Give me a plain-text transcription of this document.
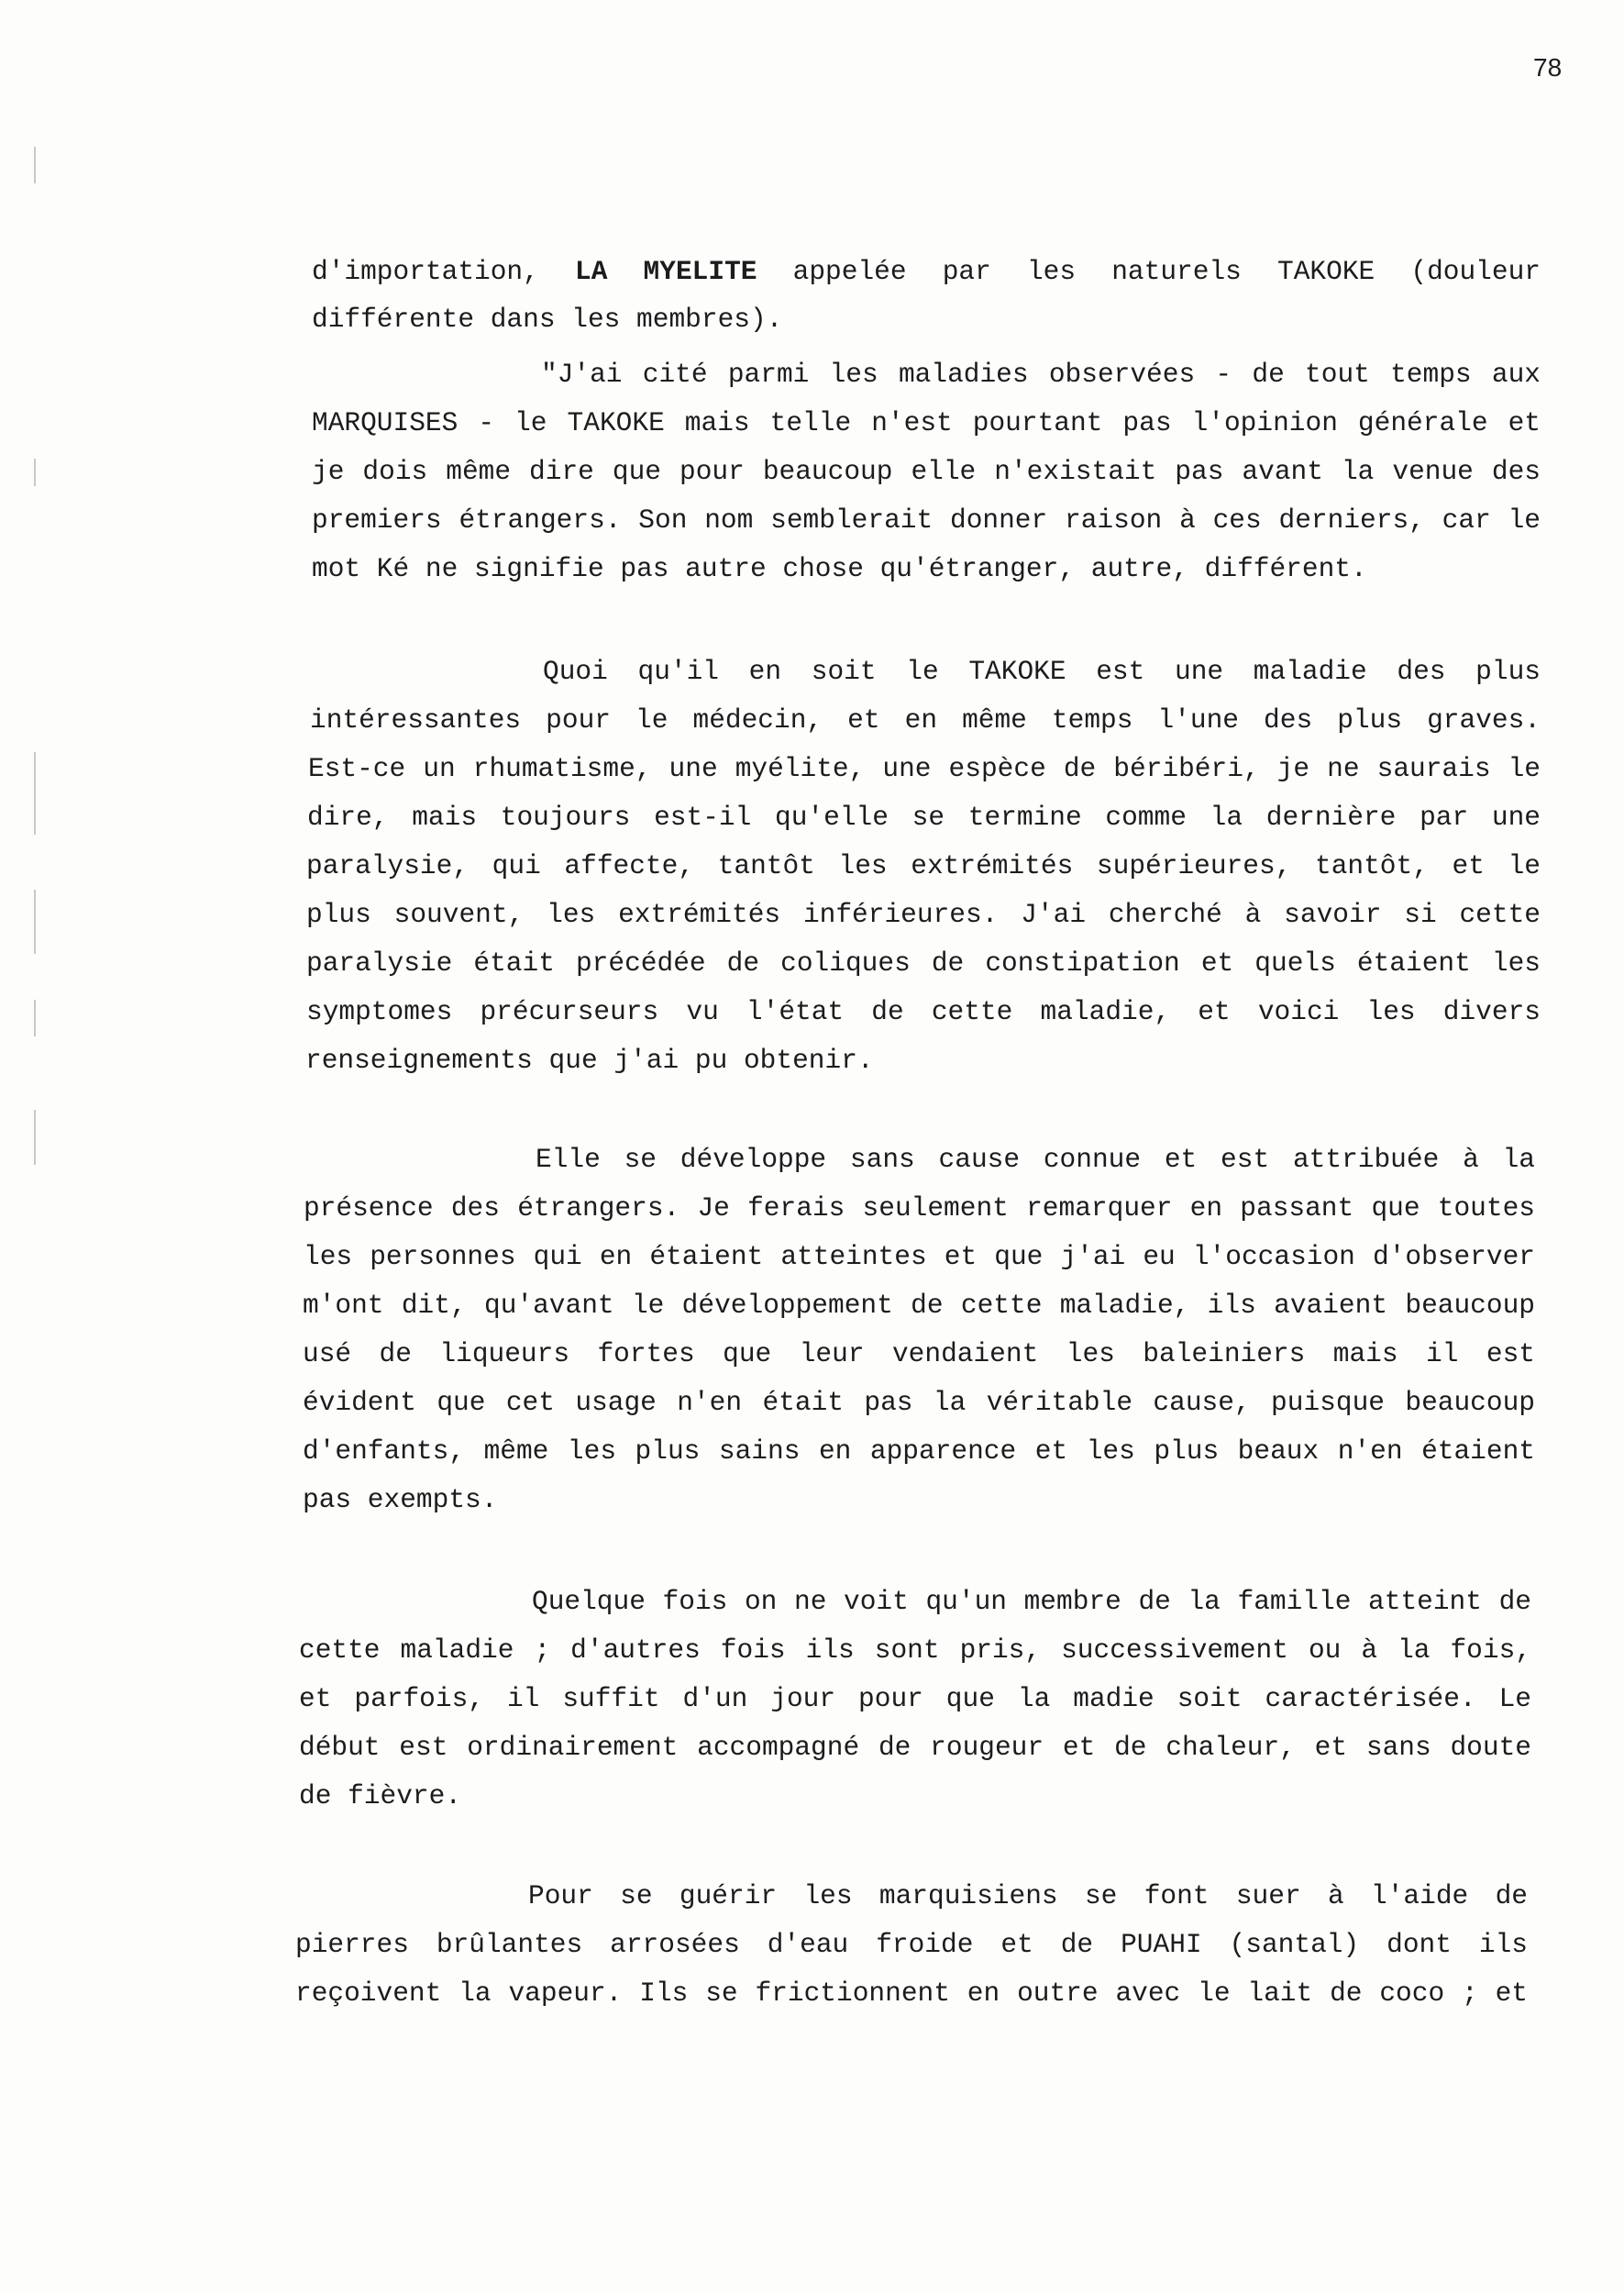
78
d'importation, LA MYELITE appelée par les naturels TAKOKE (douleur
différente dans les membres).
"J'ai cité parmi les maladies observées - de tout temps aux
MARQUISES - le TAKOKE mais telle n'est pourtant pas l'opinion générale et
je dois même dire que pour beaucoup elle n'existait pas avant la venue des
premiers étrangers. Son nom semblerait donner raison à ces derniers, car le
mot Ké ne signifie pas autre chose qu'étranger, autre, différent.
Quoi qu'il en soit le TAKOKE est une maladie des plus
intéressantes pour le médecin, et en même temps l'une des plus graves.
Est-ce un rhumatisme, une myélite, une espèce de béribéri, je ne saurais le
dire, mais toujours est-il qu'elle se termine comme la dernière par une
paralysie, qui affecte, tantôt les extrémités supérieures, tantôt, et le
plus souvent, les extrémités inférieures. J'ai cherché à savoir si cette
paralysie était précédée de coliques de constipation et quels étaient les
symptomes précurseurs vu l'état de cette maladie, et voici les divers
renseignements que j'ai pu obtenir.
Elle se développe sans cause connue et est attribuée à la
présence des étrangers. Je ferais seulement remarquer en passant que toutes
les personnes qui en étaient atteintes et que j'ai eu l'occasion d'observer
m'ont dit, qu'avant le développement de cette maladie, ils avaient beaucoup
usé de liqueurs fortes que leur vendaient les baleiniers mais il est
évident que cet usage n'en était pas la véritable cause, puisque beaucoup
d'enfants, même les plus sains en apparence et les plus beaux n'en étaient
pas exempts.
Quelque fois on ne voit qu'un membre de la famille atteint de
cette maladie ; d'autres fois ils sont pris, successivement ou à la fois,
et parfois, il suffit d'un jour pour que la madie soit caractérisée. Le
début est ordinairement accompagné de rougeur et de chaleur, et sans doute
de fièvre.
Pour se guérir les marquisiens se font suer à l'aide de
pierres brûlantes arrosées d'eau froide et de PUAHI (santal) dont ils
reçoivent la vapeur. Ils se frictionnent en outre avec le lait de coco ; et
